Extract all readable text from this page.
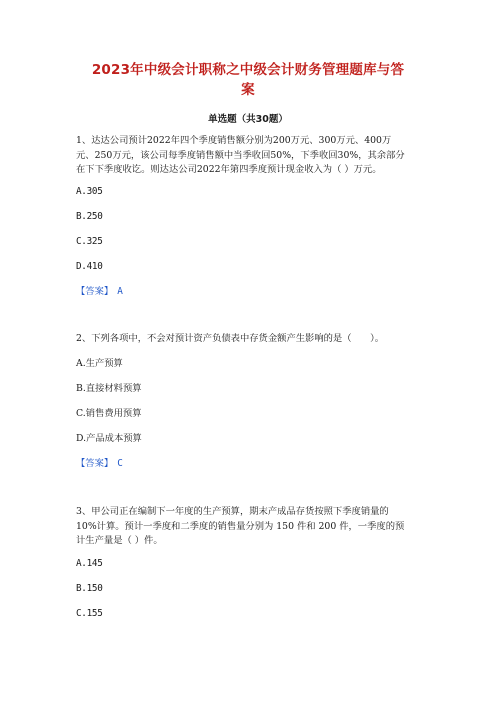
2023年中级会计职称之中级会计财务管理题库与答
案
单选题（共30题）
1、达达公司预计2022年四个季度销售额分别为200万元、300万元、400万
元、250万元，该公司每季度销售额中当季收回50%，下季收回30%，其余部分
在下下季度收讫。则达达公司2022年第四季度预计现金收入为（ ）万元。
A.305
B.250
C.325
D.410
【答案】 A
2、下列各项中，不会对预计资产负债表中存货金额产生影响的是（　　）。
A.生产预算
B.直接材料预算
C.销售费用预算
D.产品成本预算
【答案】 C
3、甲公司正在编制下一年度的生产预算，期末产成品存货按照下季度销量的
10%计算。预计一季度和二季度的销售量分别为 150 件和 200 件，一季度的预
计生产量是（ ）件。
A.145
B.150
C.155
